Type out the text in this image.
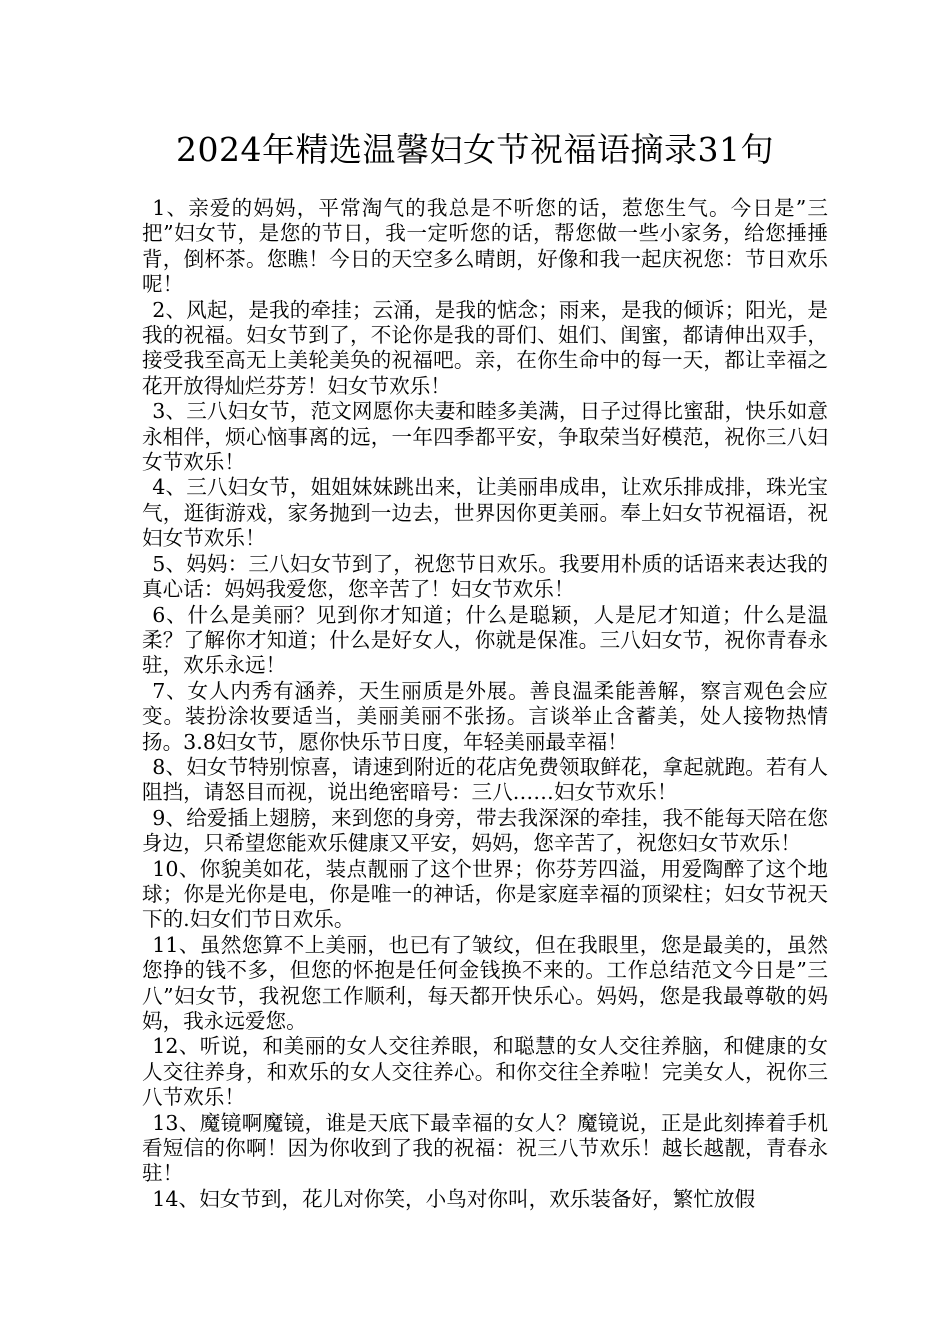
2024年精选温馨妇女节祝福语摘录31句

1、亲爱的妈妈，平常淘气的我总是不听您的话，惹您生气。今日是”三把”妇女节，是您的节日，我一定听您的话，帮您做一些小家务，给您捶捶背，倒杯茶。您瞧！今日的天空多么晴朗，好像和我一起庆祝您：节日欢乐呢！

2、风起，是我的牵挂；云涌，是我的惦念；雨来，是我的倾诉；阳光，是我的祝福。妇女节到了，不论你是我的哥们、姐们、闺蜜，都请伸出双手，接受我至高无上美轮美奂的祝福吧。亲，在你生命中的每一天，都让幸福之花开放得灿烂芬芳！妇女节欢乐！

3、三八妇女节，范文网愿你夫妻和睦多美满，日子过得比蜜甜，快乐如意永相伴，烦心恼事离的远，一年四季都平安，争取荣当好模范，祝你三八妇女节欢乐！

4、三八妇女节，姐姐妹妹跳出来，让美丽串成串，让欢乐排成排，珠光宝气，逛街游戏，家务抛到一边去，世界因你更美丽。奉上妇女节祝福语，祝妇女节欢乐！

5、妈妈：三八妇女节到了，祝您节日欢乐。我要用朴质的话语来表达我的真心话：妈妈我爱您，您辛苦了！妇女节欢乐！

6、什么是美丽？见到你才知道；什么是聪颖，人是尼才知道；什么是温柔？了解你才知道；什么是好女人，你就是保准。三八妇女节，祝你青春永驻，欢乐永远！

7、女人内秀有涵养，天生丽质是外展。善良温柔能善解，察言观色会应变。装扮涂妆要适当，美丽美丽不张扬。言谈举止含蓄美，处人接物热情扬。3.8妇女节，愿你快乐节日度，年轻美丽最幸福！

8、妇女节特别惊喜，请速到附近的花店免费领取鲜花，拿起就跑。若有人阻挡，请怒目而视，说出绝密暗号：三八……妇女节欢乐！

9、给爱插上翅膀，来到您的身旁，带去我深深的牵挂，我不能每天陪在您身边，只希望您能欢乐健康又平安，妈妈，您辛苦了，祝您妇女节欢乐！

10、你貌美如花，装点靓丽了这个世界；你芬芳四溢，用爱陶醉了这个地球；你是光你是电，你是唯一的神话，你是家庭幸福的顶梁柱；妇女节祝天下的.妇女们节日欢乐。

11、虽然您算不上美丽，也已有了皱纹，但在我眼里，您是最美的，虽然您挣的钱不多，但您的怀抱是任何金钱换不来的。工作总结范文今日是”三八”妇女节，我祝您工作顺利，每天都开快乐心。妈妈，您是我最尊敬的妈妈，我永远爱您。

12、听说，和美丽的女人交往养眼，和聪慧的女人交往养脑，和健康的女人交往养身，和欢乐的女人交往养心。和你交往全养啦！完美女人，祝你三八节欢乐！

13、魔镜啊魔镜，谁是天底下最幸福的女人？魔镜说，正是此刻捧着手机看短信的你啊！因为你收到了我的祝福：祝三八节欢乐！越长越靓，青春永驻！

14、妇女节到，花儿对你笑，小鸟对你叫，欢乐装备好，繁忙放假
